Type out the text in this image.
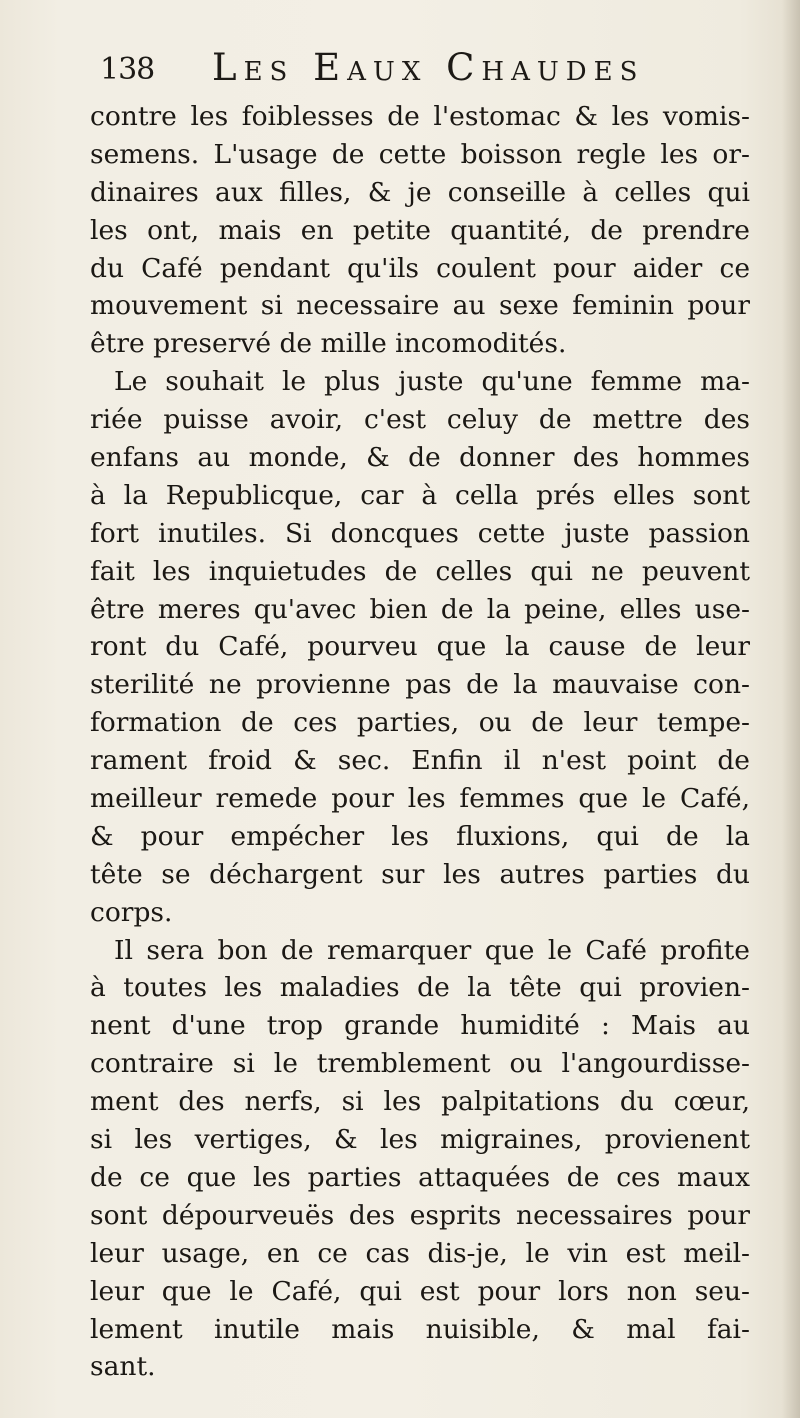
138 Les Eaux Chaudes
contre les foiblesses de l'estomac & les vomis-
semens. L'usage de cette boisson regle les or-
dinaires aux filles, & je conseille à celles qui
les ont, mais en petite quantité, de prendre
du Café pendant qu'ils coulent pour aider ce
mouvement si necessaire au sexe feminin pour
être preservé de mille incomodités.
Le souhait le plus juste qu'une femme ma-
riée puisse avoir, c'est celuy de mettre des
enfans au monde, & de donner des hommes
à la Republicque, car à cella prés elles sont
fort inutiles. Si doncques cette juste passion
fait les inquietudes de celles qui ne peuvent
être meres qu'avec bien de la peine, elles use-
ront du Café, pourveu que la cause de leur
sterilité ne provienne pas de la mauvaise con-
formation de ces parties, ou de leur tempe-
rament froid & sec. Enfin il n'est point de
meilleur remede pour les femmes que le Café,
& pour empécher les fluxions, qui de la
tête se déchargent sur les autres parties du
corps.
Il sera bon de remarquer que le Café profite
à toutes les maladies de la tête qui provien-
nent d'une trop grande humidité : Mais au
contraire si le tremblement ou l'angourdisse-
ment des nerfs, si les palpitations du cœur,
si les vertiges, & les migraines, provienent
de ce que les parties attaquées de ces maux
sont dépourveuës des esprits necessaires pour
leur usage, en ce cas dis-je, le vin est meil-
leur que le Café, qui est pour lors non seu-
lement inutile mais nuisible, & mal fai-
sant.
